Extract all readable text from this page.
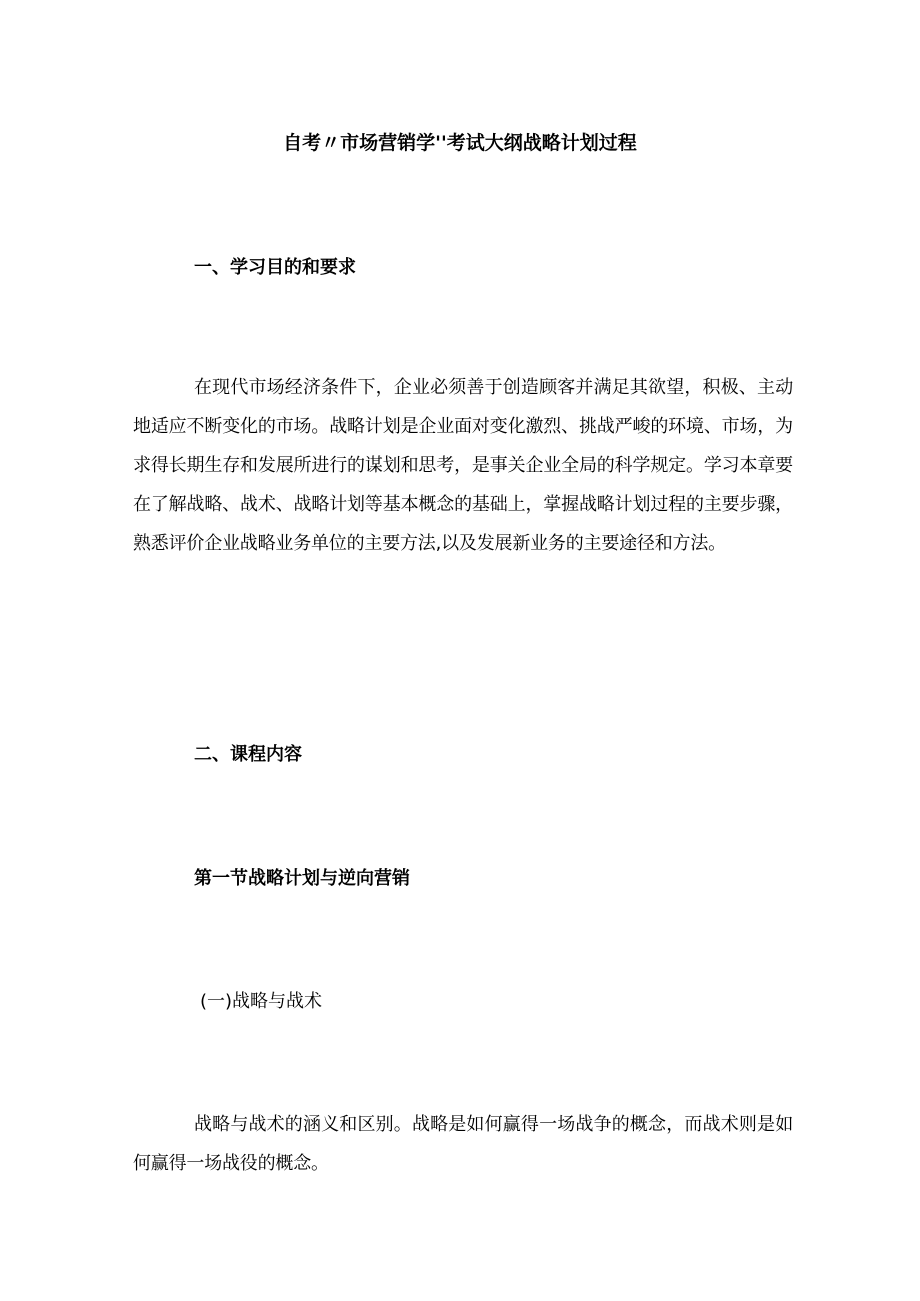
自考〃市场营销学''考试大纲战略计划过程
一、学习目的和要求

在现代市场经济条件下，企业必须善于创造顾客并满足其欲望，积极、主动地适应不断变化的市场。战略计划是企业面对变化激烈、挑战严峻的环境、市场，为求得长期生存和发展所进行的谋划和思考，是事关企业全局的科学规定。学习本章要在了解战略、战术、战略计划等基本概念的基础上，掌握战略计划过程的主要步骤，熟悉评价企业战略业务单位的主要方法,以及发展新业务的主要途径和方法。

二、课程内容
第一节战略计划与逆向营销
(一)战略与战术

战略与战术的涵义和区别。战略是如何赢得一场战争的概念，而战术则是如何赢得一场战役的概念。
